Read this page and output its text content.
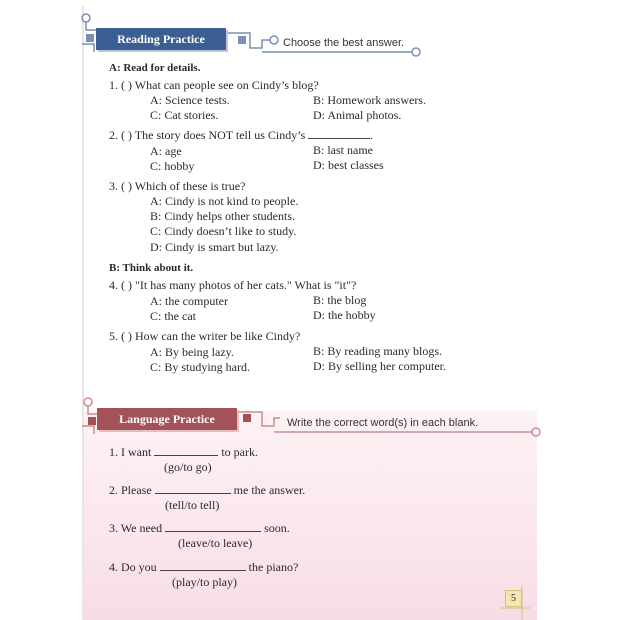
Reading Practice	Choose the best answer.
A: Read for details.
1. ( ) What can people see on Cindy’s blog?
A: Science tests.	B: Homework answers.
C: Cat stories.	D: Animal photos.
2. ( ) The story does NOT tell us Cindy’s	.
A: age	B: last name
C: hobby	D: best classes
3. ( ) Which of these is true?
A: Cindy is not kind to people.
B: Cindy helps other students.
C: Cindy doesn’t like to study.
D: Cindy is smart but lazy.
B: Think about it.
4. ( ) "It has many photos of her cats." What is "it"?
A: the computer	B: the blog
C: the cat	D: the hobby
5. ( ) How can the writer be like Cindy?
A: By being lazy.	B: By reading many blogs.
C: By studying hard.	D: By selling her computer.
Language Practice	Write the correct word(s) in each blank.
1. I want	to park.
(go/to go)
2. Please	me the answer.
(tell/to tell)
3. We need	soon.
(leave/to leave)
4. Do you	the piano?
(play/to play)
5
